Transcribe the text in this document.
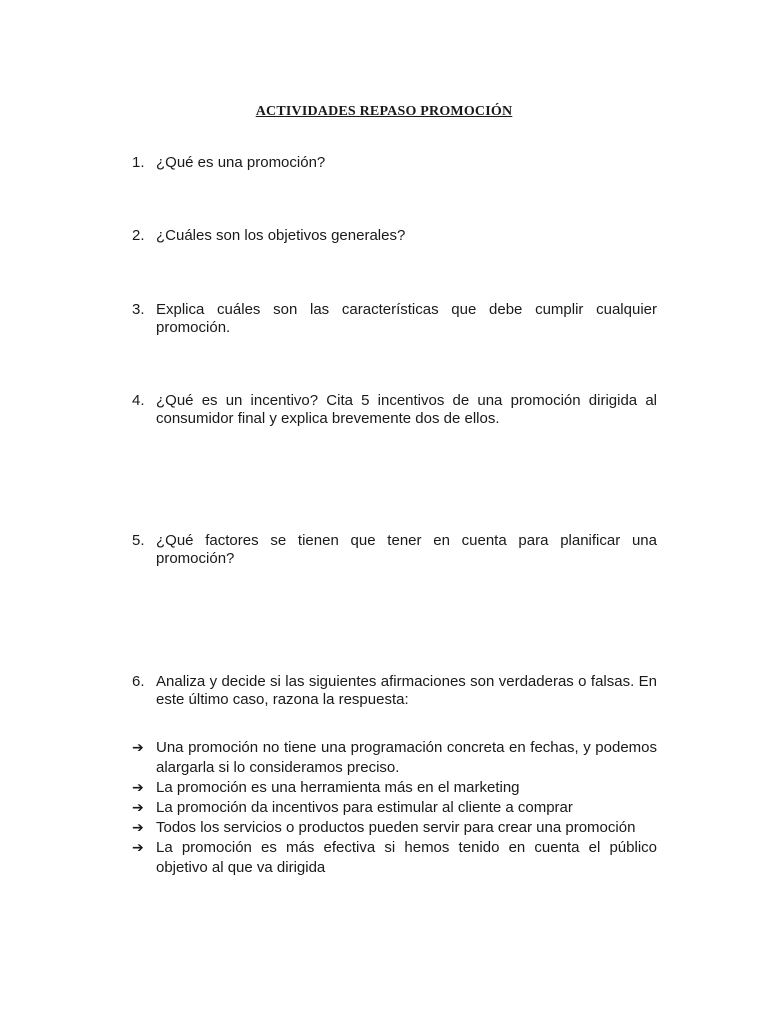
ACTIVIDADES REPASO PROMOCIÓN
1. ¿Qué es una promoción?
2. ¿Cuáles son los objetivos generales?
3. Explica cuáles son las características que debe cumplir cualquier promoción.
4. ¿Qué es un incentivo? Cita 5 incentivos de una promoción dirigida al consumidor final y explica brevemente dos de ellos.
5. ¿Qué factores se tienen que tener en cuenta para planificar una promoción?
6. Analiza y decide si las siguientes afirmaciones son verdaderas o falsas. En este último caso, razona la respuesta:
➔ Una promoción no tiene una programación concreta en fechas, y podemos alargarla si lo consideramos preciso.
➔ La promoción es una herramienta más en el marketing
➔ La promoción da incentivos para estimular al cliente a comprar
➔ Todos los servicios o productos pueden servir para crear una promoción
➔ La promoción es más efectiva si hemos tenido en cuenta el público objetivo al que va dirigida
